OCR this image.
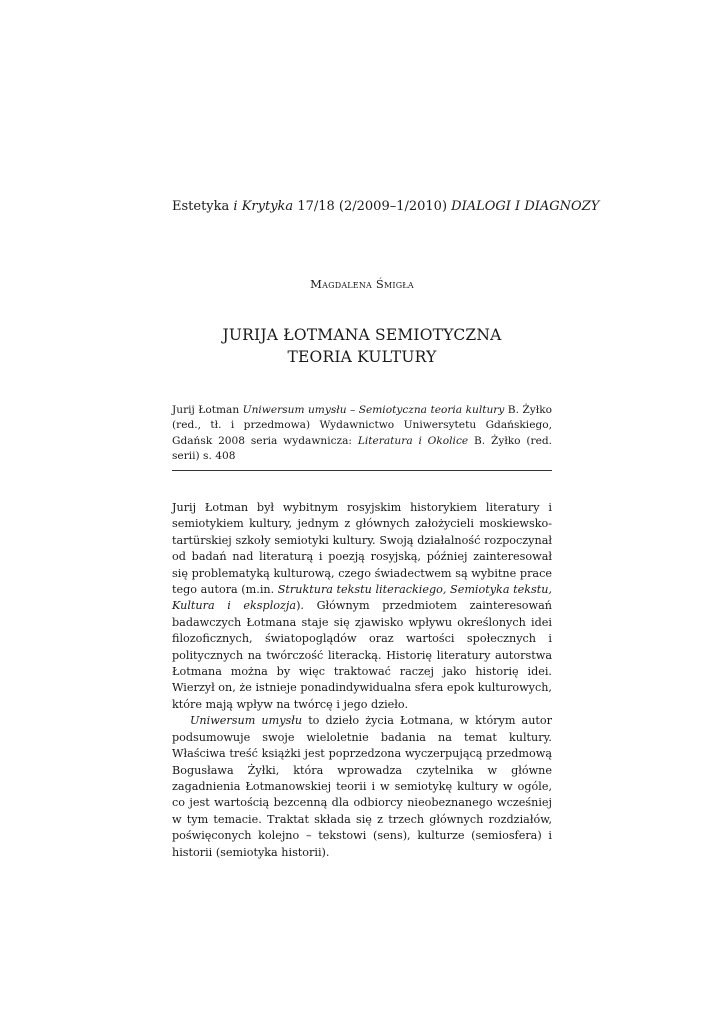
Estetyka i Krytyka 17/18 (2/2009–1/2010) DIALOGI I DIAGNOZY
Magdalena Śmigła
JURIJA ŁOTMANA SEMIOTYCZNA
TEORIA KULTURY
Jurij Łotman Uniwersum umysłu – Semiotyczna teoria kultury B. Żyłko (red., tł. i przedmowa) Wydawnictwo Uniwersytetu Gdańskiego, Gdańsk 2008 seria wydawnicza: Literatura i Okolice B. Żyłko (red. serii) s. 408

Jurij Łotman był wybitnym rosyjskim historykiem literatury i semiotykiem kultury, jednym z głównych założycieli moskiewsko-tartürskiej szkoły semiotyki kultury. Swoją działalność rozpoczynał od badań nad literaturą i poezją rosyjską, później zainteresował się problematyką kulturową, czego świadectwem są wybitne prace tego autora (m.in. Struktura tekstu literackiego, Semiotyka tekstu, Kultura i eksplozja). Głównym przedmiotem zainteresowań badawczych Łotmana staje się zjawisko wpływu określonych idei filozoficznych, światopoglądów oraz wartości społecznych i politycznych na twórczość literacką. Historię literatury autorstwa Łotmana można by więc traktować raczej jako historię idei. Wierzył on, że istnieje ponadindywidualna sfera epok kulturowych, które mają wpływ na twórcę i jego dzieło.

Uniwersum umysłu to dzieło życia Łotmana, w którym autor podsumowuje swoje wieloletnie badania na temat kultury. Właściwa treść książki jest poprzedzona wyczerpującą przedmową Bogusława Żyłki, która wprowadza czytelnika w główne zagadnienia Łotmanowskiej teorii i w semiotykę kultury w ogóle, co jest wartością bezcenną dla odbiorcy nieobeznanego wcześniej w tym temacie. Traktat składa się z trzech głównych rozdziałów, poświęconych kolejno – tekstowi (sens), kulturze (semiosfera) i historii (semiotyka historii).
